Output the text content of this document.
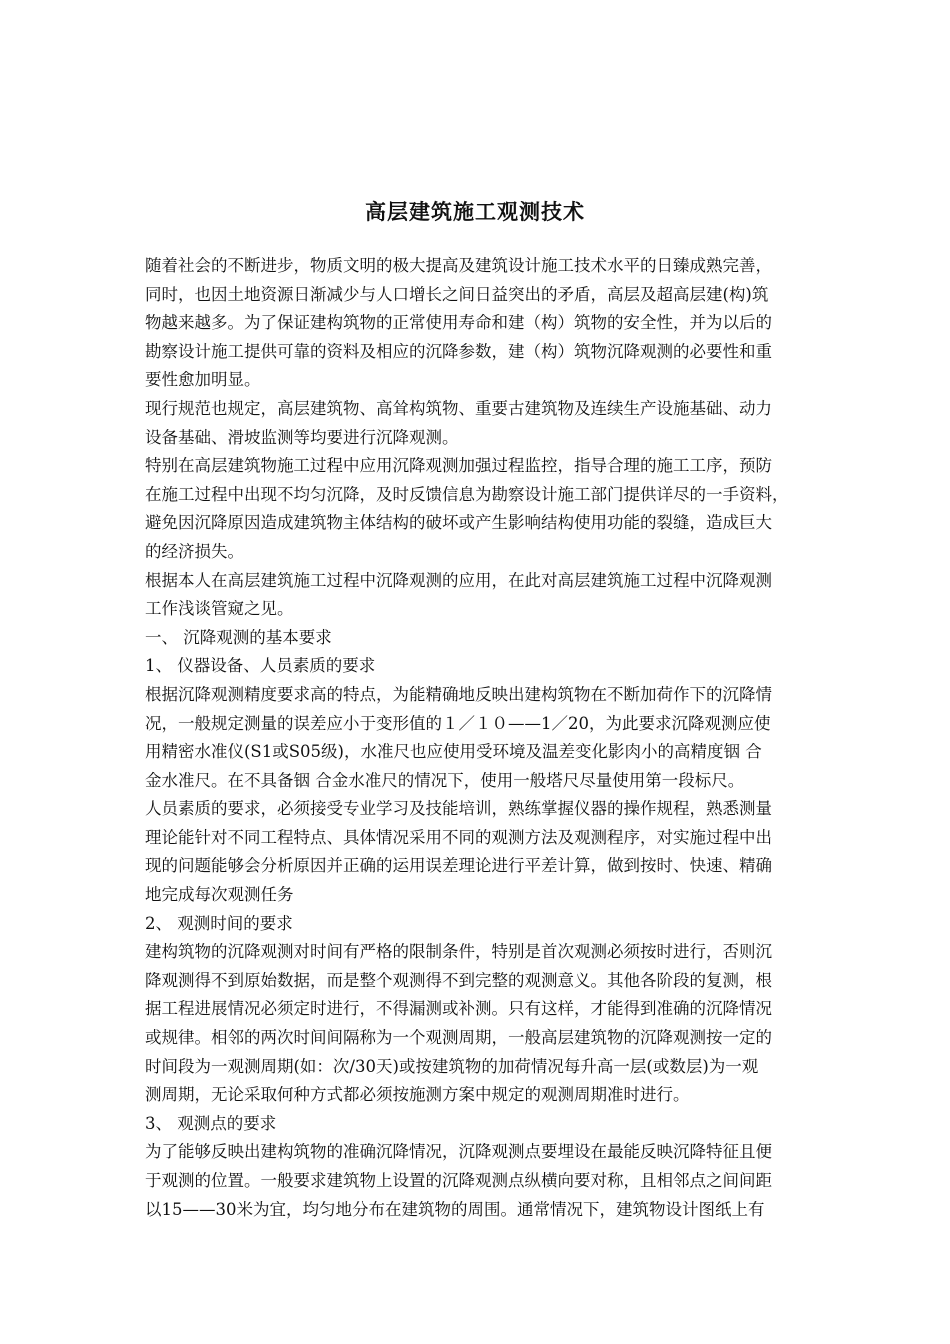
高层建筑施工观测技术
随着社会的不断进步，物质文明的极大提高及建筑设计施工技术水平的日臻成熟完善，
同时，也因土地资源日渐减少与人口增长之间日益突出的矛盾，高层及超高层建(构)筑
物越来越多。为了保证建构筑物的正常使用寿命和建（构）筑物的安全性，并为以后的
勘察设计施工提供可靠的资料及相应的沉降参数，建（构）筑物沉降观测的必要性和重
要性愈加明显。
现行规范也规定，高层建筑物、高耸构筑物、重要古建筑物及连续生产设施基础、动力
设备基础、滑坡监测等均要进行沉降观测。
特别在高层建筑物施工过程中应用沉降观测加强过程监控，指导合理的施工工序，预防
在施工过程中出现不均匀沉降，及时反馈信息为勘察设计施工部门提供详尽的一手资料，
避免因沉降原因造成建筑物主体结构的破坏或产生影响结构使用功能的裂缝，造成巨大
的经济损失。
根据本人在高层建筑施工过程中沉降观测的应用，在此对高层建筑施工过程中沉降观测
工作浅谈管窥之见。
一、 沉降观测的基本要求
1、 仪器设备、人员素质的要求
根据沉降观测精度要求高的特点，为能精确地反映出建构筑物在不断加荷作下的沉降情
况，一般规定测量的误差应小于变形值的１／１０——1／20，为此要求沉降观测应使
用精密水准仪(S1或S05级)，水准尺也应使用受环境及温差变化影肉小的高精度铟 合
金水准尺。在不具备铟 合金水准尺的情况下，使用一般塔尺尽量使用第一段标尺。
人员素质的要求，必须接受专业学习及技能培训，熟练掌握仪器的操作规程，熟悉测量
理论能针对不同工程特点、具体情况采用不同的观测方法及观测程序，对实施过程中出
现的问题能够会分析原因并正确的运用误差理论进行平差计算，做到按时、快速、精确
地完成每次观测任务
2、 观测时间的要求
建构筑物的沉降观测对时间有严格的限制条件，特别是首次观测必须按时进行，否则沉
降观测得不到原始数据，而是整个观测得不到完整的观测意义。其他各阶段的复测，根
据工程进展情况必须定时进行，不得漏测或补测。只有这样，才能得到准确的沉降情况
或规律。相邻的两次时间间隔称为一个观测周期，一般高层建筑物的沉降观测按一定的
时间段为一观测周期(如：次/30天)或按建筑物的加荷情况每升高一层(或数层)为一观
测周期，无论采取何种方式都必须按施测方案中规定的观测周期准时进行。
3、 观测点的要求
为了能够反映出建构筑物的准确沉降情况，沉降观测点要埋设在最能反映沉降特征且便
于观测的位置。一般要求建筑物上设置的沉降观测点纵横向要对称，且相邻点之间间距
以15——30米为宜，均匀地分布在建筑物的周围。通常情况下，建筑物设计图纸上有
